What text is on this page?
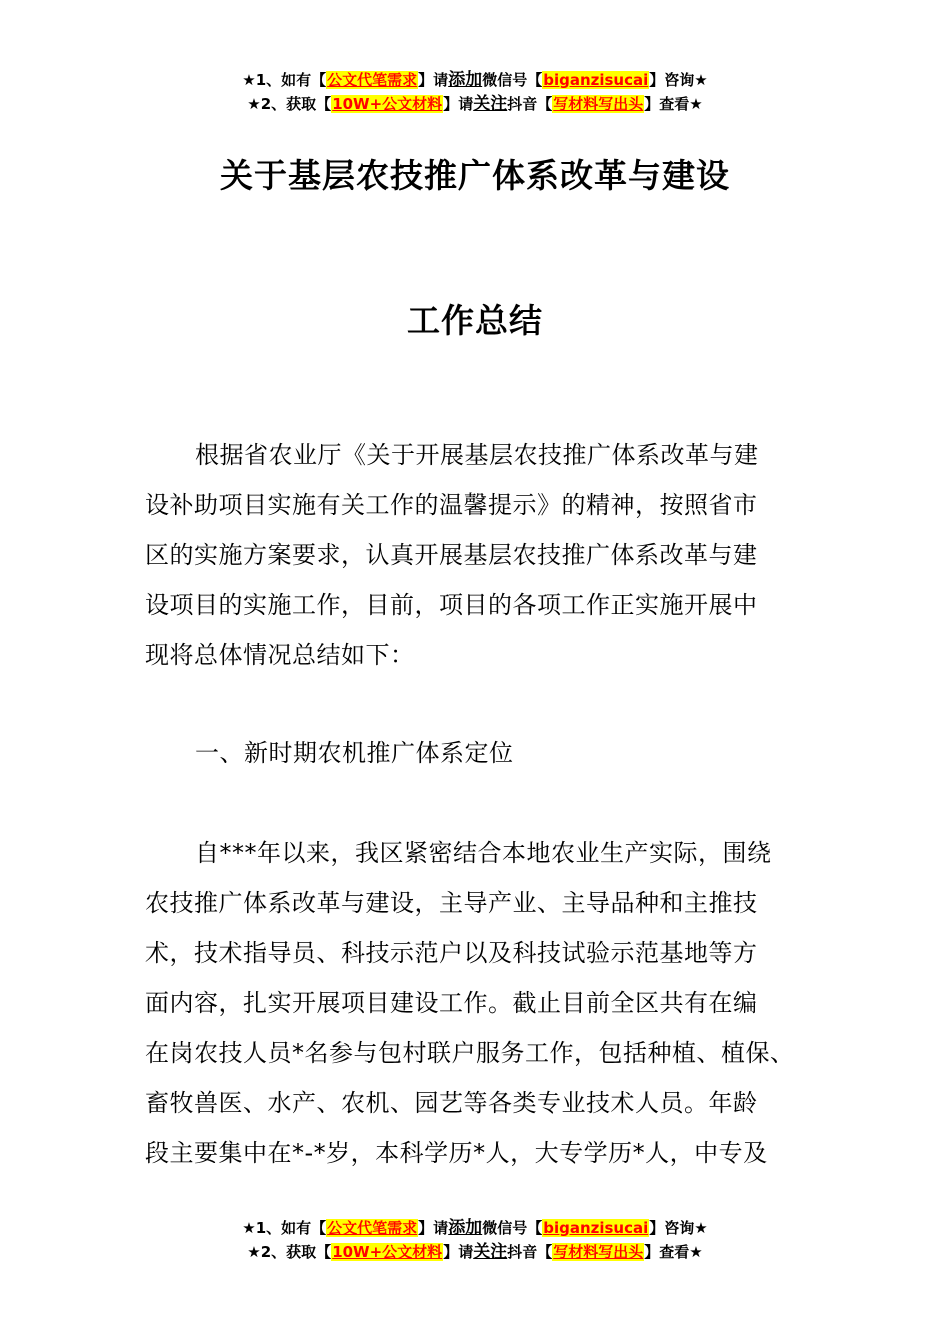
★1、如有【公文代笔需求】请添加微信号【biganzisucai】咨询★
★2、获取【10W+公文材料】请关注抖音【写材料写出头】查看★
关于基层农技推广体系改革与建设
工作总结
根据省农业厅《关于开展基层农技推广体系改革与建
设补助项目实施有关工作的温馨提示》的精神，按照省市
区的实施方案要求，认真开展基层农技推广体系改革与建
设项目的实施工作，目前，项目的各项工作正实施开展中
现将总体情况总结如下：
一、新时期农机推广体系定位
自***年以来，我区紧密结合本地农业生产实际，围绕
农技推广体系改革与建设，主导产业、主导品种和主推技
术，技术指导员、科技示范户以及科技试验示范基地等方
面内容，扎实开展项目建设工作。截止目前全区共有在编
在岗农技人员*名参与包村联户服务工作，包括种植、植保、
畜牧兽医、水产、农机、园艺等各类专业技术人员。年龄
段主要集中在*-*岁，本科学历*人，大专学历*人，中专及
★1、如有【公文代笔需求】请添加微信号【biganzisucai】咨询★
★2、获取【10W+公文材料】请关注抖音【写材料写出头】查看★
